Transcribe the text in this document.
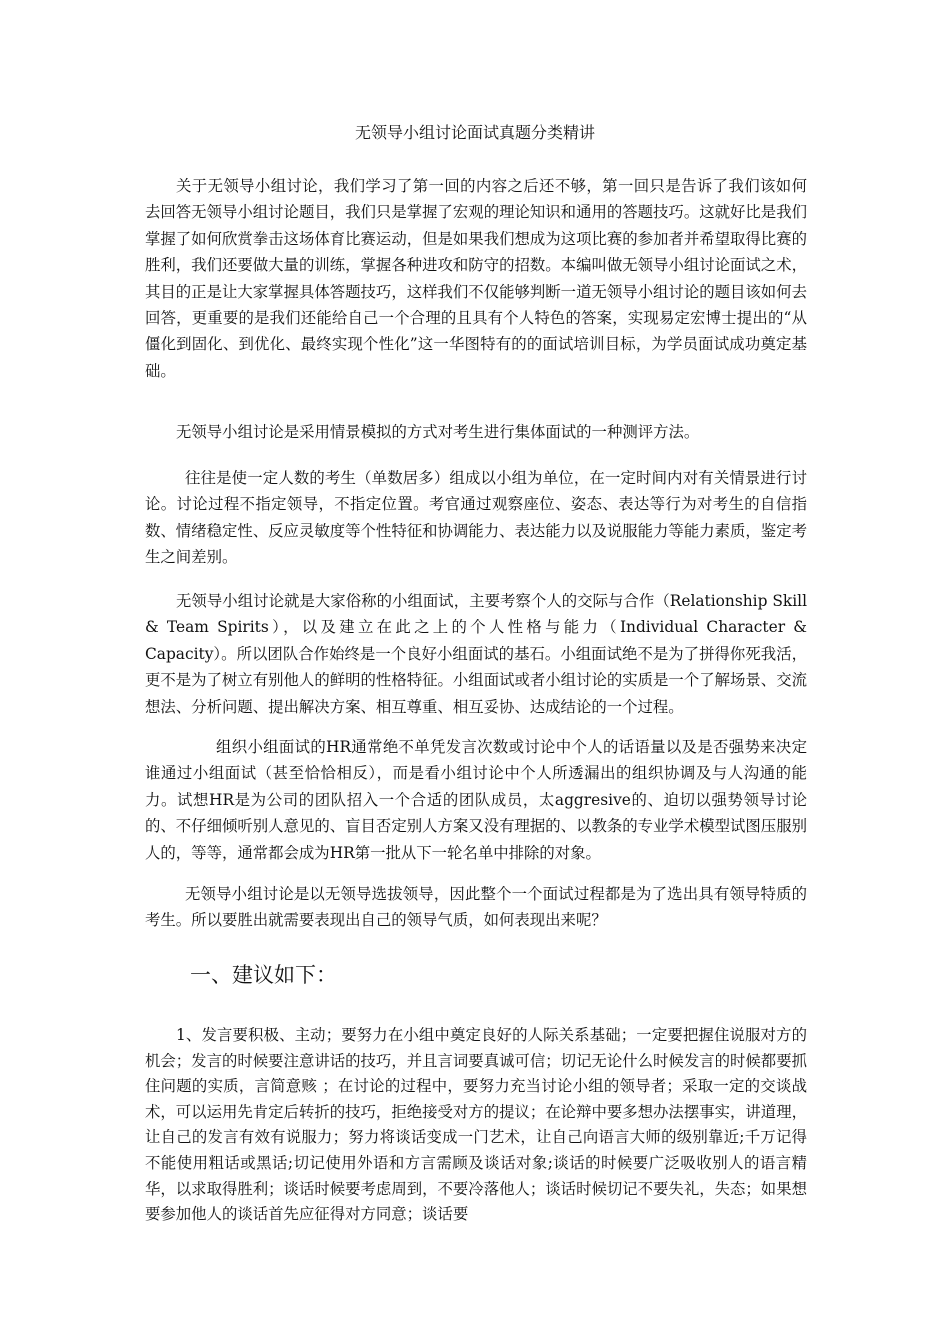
无领导小组讨论面试真题分类精讲

关于无领导小组讨论，我们学习了第一回的内容之后还不够，第一回只是告诉了我们该如何去回答无领导小组讨论题目，我们只是掌握了宏观的理论知识和通用的答题技巧。这就好比是我们掌握了如何欣赏拳击这场体育比赛运动，但是如果我们想成为这项比赛的参加者并希望取得比赛的胜利，我们还要做大量的训练，掌握各种进攻和防守的招数。本编叫做无领导小组讨论面试之术，其目的正是让大家掌握具体答题技巧，这样我们不仅能够判断一道无领导小组讨论的题目该如何去回答，更重要的是我们还能给自己一个合理的且具有个人特色的答案，实现易定宏博士提出的“从僵化到固化、到优化、最终实现个性化”这一华图特有的的面试培训目标，为学员面试成功奠定基础。

无领导小组讨论是采用情景模拟的方式对考生进行集体面试的一种测评方法。

往往是使一定人数的考生（单数居多）组成以小组为单位，在一定时间内对有关情景进行讨论。讨论过程不指定领导，不指定位置。考官通过观察座位、姿态、表达等行为对考生的自信指数、情绪稳定性、反应灵敏度等个性特征和协调能力、表达能力以及说服能力等能力素质，鉴定考生之间差别。

无领导小组讨论就是大家俗称的小组面试，主要考察个人的交际与合作（Relationship Skill & Team Spirits），以及建立在此之上的个人性格与能力（Individual Character & Capacity）。所以团队合作始终是一个良好小组面试的基石。小组面试绝不是为了拼得你死我活，更不是为了树立有别他人的鲜明的性格特征。小组面试或者小组讨论的实质是一个了解场景、交流想法、分析问题、提出解决方案、相互尊重、相互妥协、达成结论的一个过程。

组织小组面试的HR通常绝不单凭发言次数或讨论中个人的话语量以及是否强势来决定谁通过小组面试（甚至恰恰相反），而是看小组讨论中个人所透漏出的组织协调及与人沟通的能力。试想HR是为公司的团队招入一个合适的团队成员，太aggresive的、迫切以强势领导讨论的、不仔细倾听别人意见的、盲目否定别人方案又没有理据的、以教条的专业学术模型试图压服别人的，等等，通常都会成为HR第一批从下一轮名单中排除的对象。

无领导小组讨论是以无领导选拔领导，因此整个一个面试过程都是为了选出具有领导特质的考生。所以要胜出就需要表现出自己的领导气质，如何表现出来呢？

一、建议如下：

1、发言要积极、主动；要努力在小组中奠定良好的人际关系基础；一定要把握住说服对方的机会；发言的时候要注意讲话的技巧，并且言词要真诚可信；切记无论什么时候发言的时候都要抓住问题的实质，言简意赅 ；在讨论的过程中，要努力充当讨论小组的领导者；采取一定的交谈战术，可以运用先肯定后转折的技巧，拒绝接受对方的提议；在论辩中要多想办法摆事实，讲道理，让自己的发言有效有说服力；努力将谈话变成一门艺术，让自己向语言大师的级别靠近;千万记得不能使用粗话或黑话;切记使用外语和方言需顾及谈话对象;谈话的时候要广泛吸收别人的语言精华，以求取得胜利；谈话时候要考虑周到，不要冷落他人；谈话时候切记不要失礼，失态；如果想要参加他人的谈话首先应征得对方同意；谈话要
